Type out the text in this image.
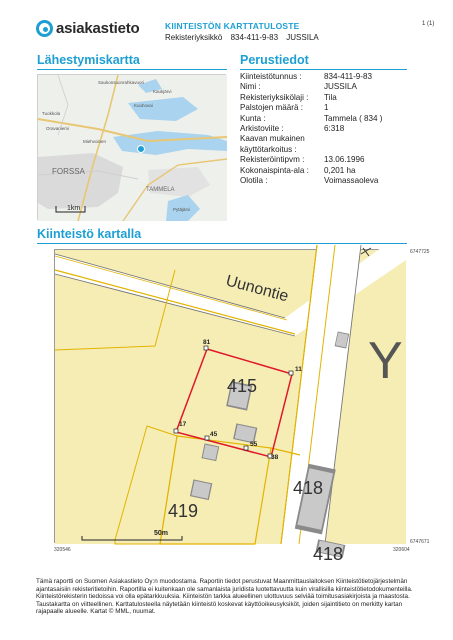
asiakastieto	KIINTEISTÖN KARTTATULOSTE
Rekisteriyksikkö 834-411-9-83 JUSSILA
1 (1)
Lähestymiskartta	Perustiedot
Kiinteistö kartalla
Saukonsuonrahkavuori
Kaukjärvi
Kuuhovai
Tuokkola
Oravaniemi
Miehvoinen
FORSSA
TAMMELA
Pytäjärvi
1km
Kiinteistötunnus :	834-411-9-83
Nimi :	JUSSILA
Rekisteriyksikölaji :	Tila
Palstojen määrä :	1
Kunta :	Tammela ( 834 )
Arkistoviite :	6:318
Kaavan mukainen
käyttötarkoitus :
Rekisteröintipvm :	13.06.1996
Kokonaispinta-ala :	0,201 ha
Olotila :	Voimassaoleva
81
11
17
45
55
38
415
418
419
418
Uunontie
Y
50m
6747725
6747671
320546	320604
Tämä raportti on Suomen Asiakastieto Oy:n muodostama. Raportin tiedot perustuvat Maanmittauslaitoksen Kiinteistötietojärjestelmän ajantasaisiin rekisteritietoihin. Raportilla ei kuitenkaan ole samanlaista juridista luotettavuutta kuin virallisilla kiinteistötietodokumenteilla. Kiinteistörekisterin tiedoissa voi olla epätarkkuuksia. Kiinteistön tarkka alueellinen ulottuvuus selviää toimitusasiakirjoista ja maastosta. Taustakartta on viitteellinen. Karttatulosteella näytetään kiinteistö koskevat käyttöoikeusyksiköt, joiden sijaintitieto on merkitty kartan rajapaalle alueelle. Kartat © MML, nuumat.
